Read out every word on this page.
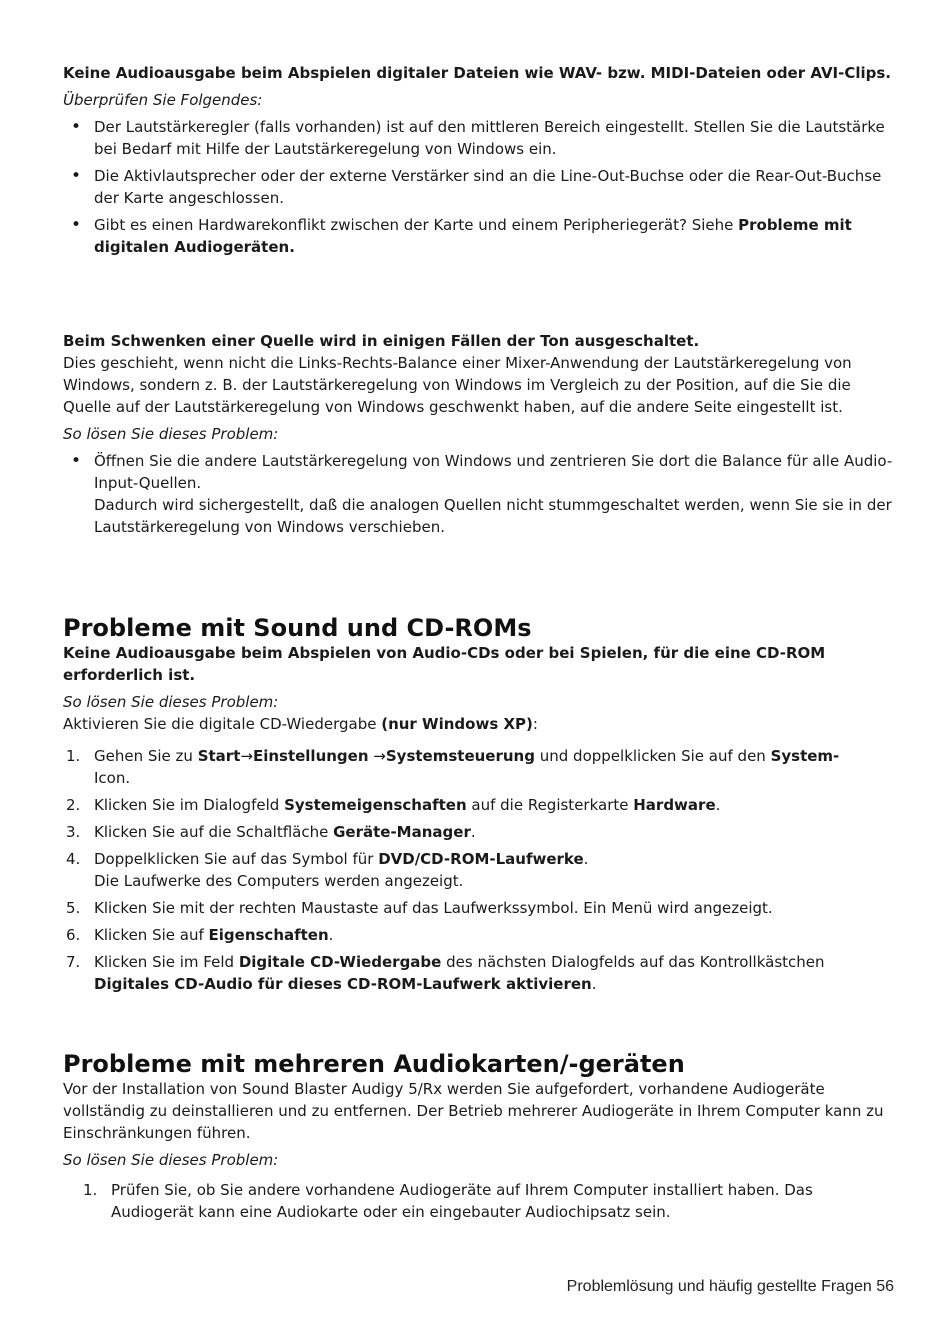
Keine Audioausgabe beim Abspielen digitaler Dateien wie WAV- bzw. MIDI-Dateien oder AVI-Clips.

Überprüfen Sie Folgendes:

• Der Lautstärkeregler (falls vorhanden) ist auf den mittleren Bereich eingestellt. Stellen Sie die Lautstärke bei Bedarf mit Hilfe der Lautstärkeregelung von Windows ein.
• Die Aktivlautsprecher oder der externe Verstärker sind an die Line-Out-Buchse oder die Rear-Out-Buchse der Karte angeschlossen.
• Gibt es einen Hardwarekonflikt zwischen der Karte und einem Peripheriegerät? Siehe Probleme mit digitalen Audiogeräten.

Beim Schwenken einer Quelle wird in einigen Fällen der Ton ausgeschaltet.

Dies geschieht, wenn nicht die Links-Rechts-Balance einer Mixer-Anwendung der Lautstärkeregelung von Windows, sondern z. B. der Lautstärkeregelung von Windows im Vergleich zu der Position, auf die Sie die Quelle auf der Lautstärkeregelung von Windows geschwenkt haben, auf die andere Seite eingestellt ist.

So lösen Sie dieses Problem:

• Öffnen Sie die andere Lautstärkeregelung von Windows und zentrieren Sie dort die Balance für alle Audio-Input-Quellen.
Dadurch wird sichergestellt, daß die analogen Quellen nicht stummgeschaltet werden, wenn Sie sie in der Lautstärkeregelung von Windows verschieben.
Probleme mit Sound und CD-ROMs

Keine Audioausgabe beim Abspielen von Audio-CDs oder bei Spielen, für die eine CD-ROM erforderlich ist.

So lösen Sie dieses Problem:

Aktivieren Sie die digitale CD-Wiedergabe (nur Windows XP):

1. Gehen Sie zu Start→Einstellungen →Systemsteuerung und doppelklicken Sie auf den System-
Icon.
2. Klicken Sie im Dialogfeld Systemeigenschaften auf die Registerkarte Hardware.
3. Klicken Sie auf die Schaltfläche Geräte-Manager.
4. Doppelklicken Sie auf das Symbol für DVD/CD-ROM-Laufwerke.
Die Laufwerke des Computers werden angezeigt.
5. Klicken Sie mit der rechten Maustaste auf das Laufwerkssymbol. Ein Menü wird angezeigt.
6. Klicken Sie auf Eigenschaften.
7. Klicken Sie im Feld Digitale CD-Wiedergabe des nächsten Dialogfelds auf das Kontrollkästchen Digitales CD-Audio für dieses CD-ROM-Laufwerk aktivieren.
Probleme mit mehreren Audiokarten/-geräten

Vor der Installation von Sound Blaster Audigy 5/Rx werden Sie aufgefordert, vorhandene Audiogeräte vollständig zu deinstallieren und zu entfernen. Der Betrieb mehrerer Audiogeräte in Ihrem Computer kann zu Einschränkungen führen.

So lösen Sie dieses Problem:

1. Prüfen Sie, ob Sie andere vorhandene Audiogeräte auf Ihrem Computer installiert haben. Das Audiogerät kann eine Audiokarte oder ein eingebauter Audiochipsatz sein.
Problemlösung und häufig gestellte Fragen 56
